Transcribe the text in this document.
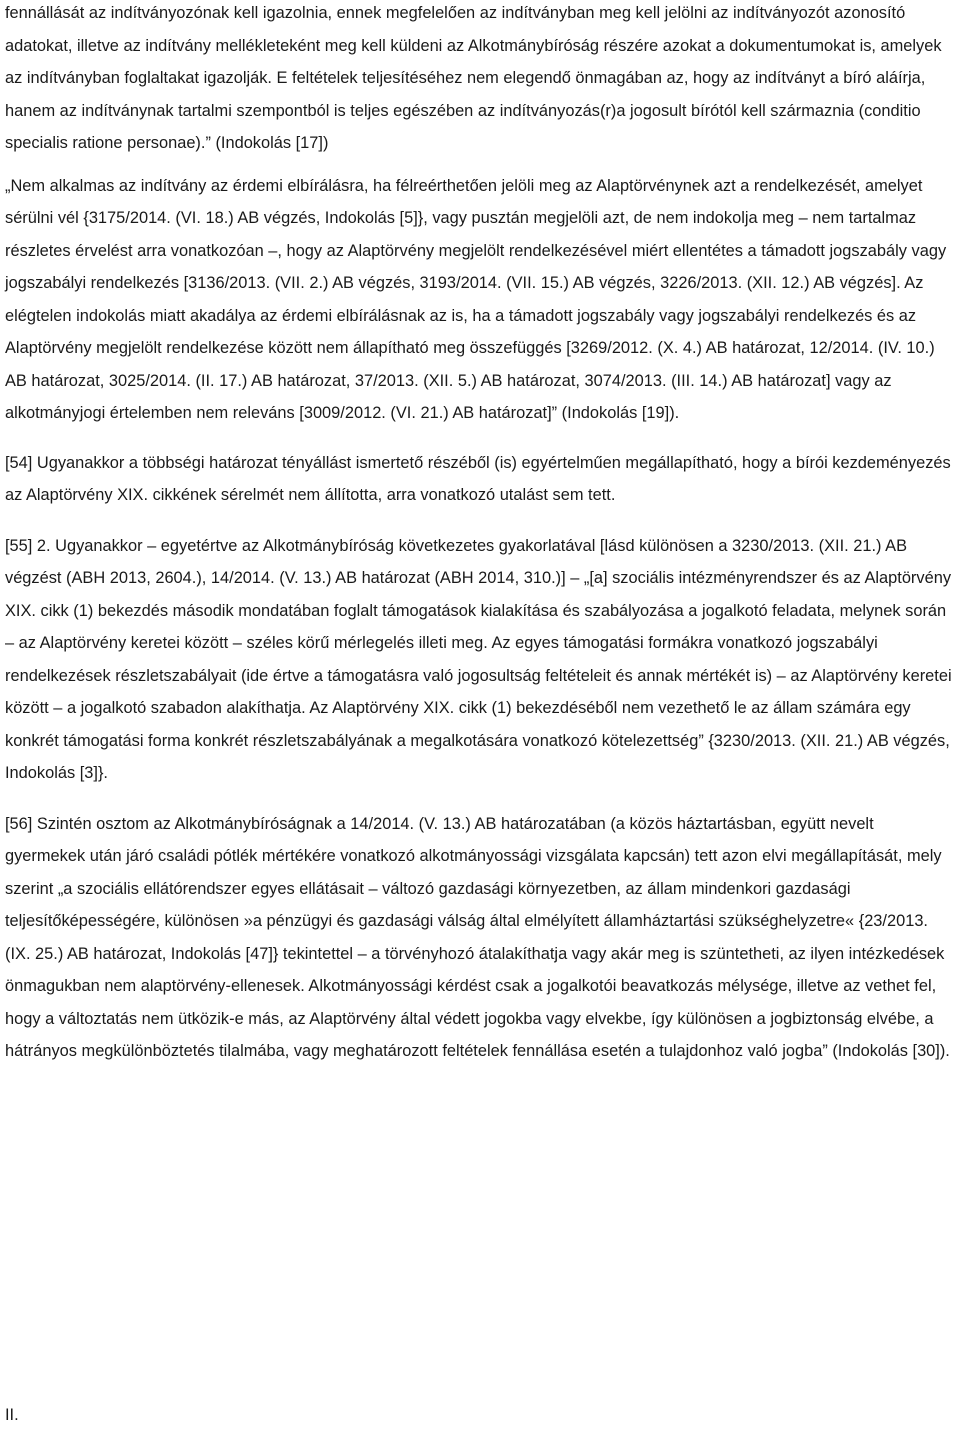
fennállását az indítványozónak kell igazolnia, ennek megfelelően az indítványban meg kell jelölni az indítványozót azonosító adatokat, illetve az indítvány mellékleteként meg kell küldeni az Alkotmánybíróság részére azokat a dokumentumokat is, amelyek az indítványban foglaltakat igazolják. E feltételek teljesítéséhez nem elegendő önmagában az, hogy az indítványt a bíró aláírja, hanem az indítványnak tartalmi szempontból is teljes egészében az indítványozás(r)a jogosult bírótól kell származnia (conditio specialis ratione personae).” (Indokolás [17])

„Nem alkalmas az indítvány az érdemi elbírálásra, ha félreérthetően jelöli meg az Alaptörvénynek azt a rendelkezését, amelyet sérülni vél {3175/2014. (VI. 18.) AB végzés, Indokolás [5]}, vagy pusztán megjelöli azt, de nem indokolja meg – nem tartalmaz részletes érvelést arra vonatkozóan –, hogy az Alaptörvény megjelölt rendelkezésével miért ellentétes a támadott jogszabály vagy jogszabályi rendelkezés [3136/2013. (VII. 2.) AB végzés, 3193/2014. (VII. 15.) AB végzés, 3226/2013. (XII. 12.) AB végzés]. Az elégtelen indokolás miatt akadálya az érdemi elbírálásnak az is, ha a támadott jogszabály vagy jogszabályi rendelkezés és az Alaptörvény megjelölt rendelkezése között nem állapítható meg összefüggés [3269/2012. (X. 4.) AB határozat, 12/2014. (IV. 10.) AB határozat, 3025/2014. (II. 17.) AB határozat, 37/2013. (XII. 5.) AB határozat, 3074/2013. (III. 14.) AB határozat] vagy az alkotmányjogi értelemben nem releváns [3009/2012. (VI. 21.) AB határozat]” (Indokolás [19]).

[54] Ugyanakkor a többségi határozat tényállást ismertető részéből (is) egyértelműen megállapítható, hogy a bírói kezdeményezés az Alaptörvény XIX. cikkének sérelmét nem állította, arra vonatkozó utalást sem tett.

[55] 2. Ugyanakkor – egyetértve az Alkotmánybíróság következetes gyakorlatával [lásd különösen a 3230/2013. (XII. 21.) AB végzést (ABH 2013, 2604.), 14/2014. (V. 13.) AB határozat (ABH 2014, 310.)] – „[a] szociális intézményrendszer és az Alaptörvény XIX. cikk (1) bekezdés második mondatában foglalt támogatások kialakítása és szabályozása a jogalkotó feladata, melynek során – az Alaptörvény keretei között – széles körű mérlegelés illeti meg. Az egyes támogatási formákra vonatkozó jogszabályi rendelkezések részletszabályait (ide értve a támogatásra való jogosultság feltételeit és annak mértékét is) – az Alaptörvény keretei között – a jogalkotó szabadon alakíthatja. Az Alaptörvény XIX. cikk (1) bekezdéséből nem vezethető le az állam számára egy konkrét támogatási forma konkrét részletszabályának a megalkotására vonatkozó kötelezettség” {3230/2013. (XII. 21.) AB végzés, Indokolás [3]}.

[56] Szintén osztom az Alkotmánybíróságnak a 14/2014. (V. 13.) AB határozatában (a közös háztartásban, együtt nevelt gyermekek után járó családi pótlék mértékére vonatkozó alkotmányossági vizsgálata kapcsán) tett azon elvi megállapítását, mely szerint „a szociális ellátórendszer egyes ellátásait – változó gazdasági környezetben, az állam mindenkori gazdasági teljesítőképességére, különösen »a pénzügyi és gazdasági válság által elmélyített államháztartási szükséghelyzetre« {23/2013. (IX. 25.) AB határozat, Indokolás [47]} tekintettel – a törvényhozó átalakíthatja vagy akár meg is szüntetheti, az ilyen intézkedések önmagukban nem alaptörvény-ellenesek. Alkotmányossági kérdést csak a jogalkotói beavatkozás mélysége, illetve az vethet fel, hogy a változtatás nem ütközik-e más, az Alaptörvény által védett jogokba vagy elvekbe, így különösen a jogbiztonság elvébe, a hátrányos megkülönböztetés tilalmába, vagy meghatározott feltételek fennállása esetén a tulajdonhoz való jogba” (Indokolás [30]).

II.
